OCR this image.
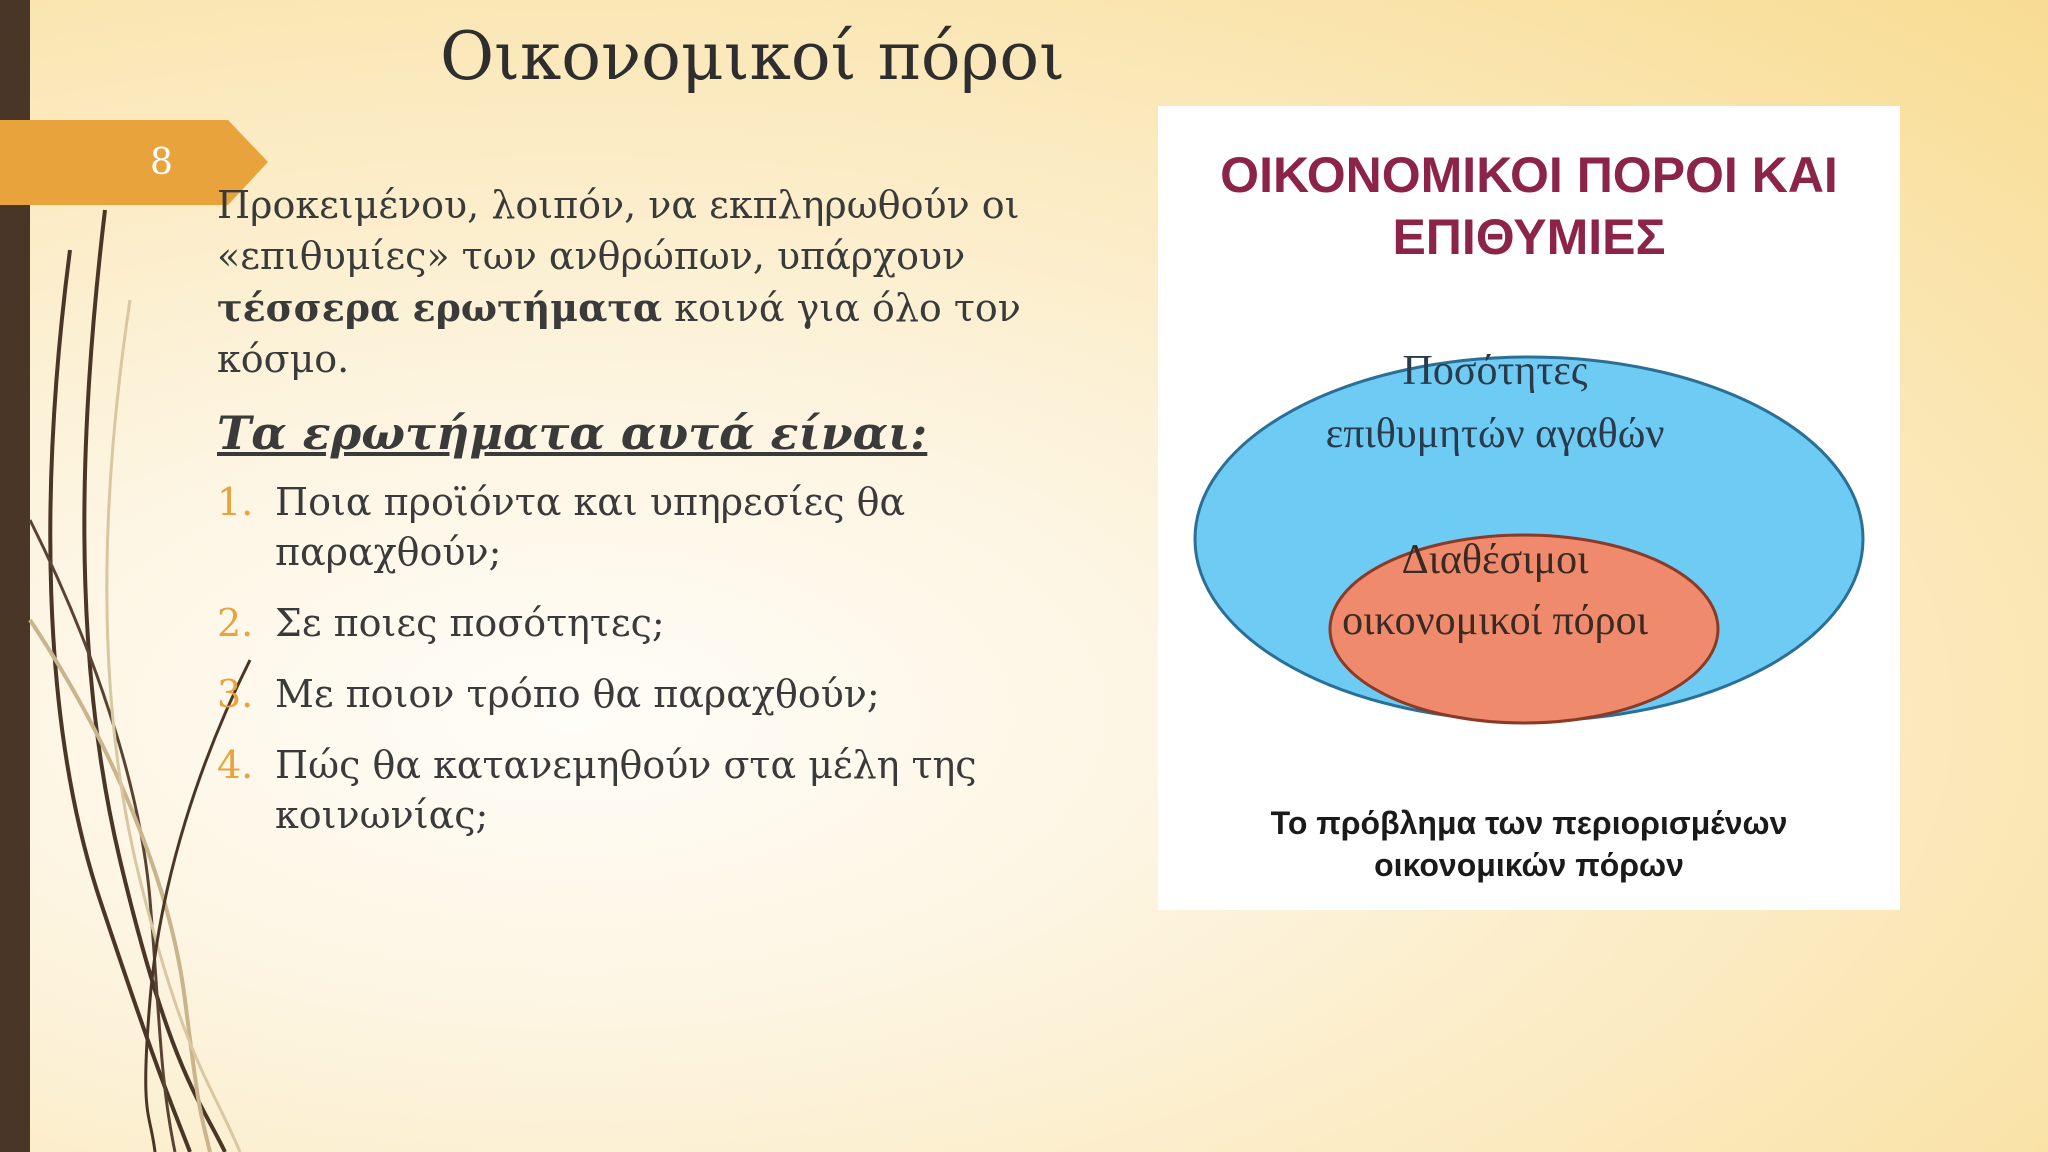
8
Οικονομικοί πόροι

Προκειμένου, λοιπόν, να εκπληρωθούν οι «επιθυμίες» των ανθρώπων, υπάρχουν τέσσερα ερωτήματα κοινά για όλο τον κόσμο.

Τα ερωτήματα αυτά είναι:
1. Ποια προϊόντα και υπηρεσίες θα παραχθούν;
2. Σε ποιες ποσότητες;
3. Με ποιον τρόπο θα παραχθούν;
4. Πώς θα κατανεμηθούν στα μέλη της κοινωνίας;
ΟΙΚΟΝΟΜΙΚΟΙ ΠΟΡΟΙ ΚΑΙ
ΕΠΙΘΥΜΙΕΣ
Ποσότητες
επιθυμητών αγαθών
Διαθέσιμοι
οικονομικοί πόροι
Το πρόβλημα των περιορισμένων
οικονομικών πόρων
